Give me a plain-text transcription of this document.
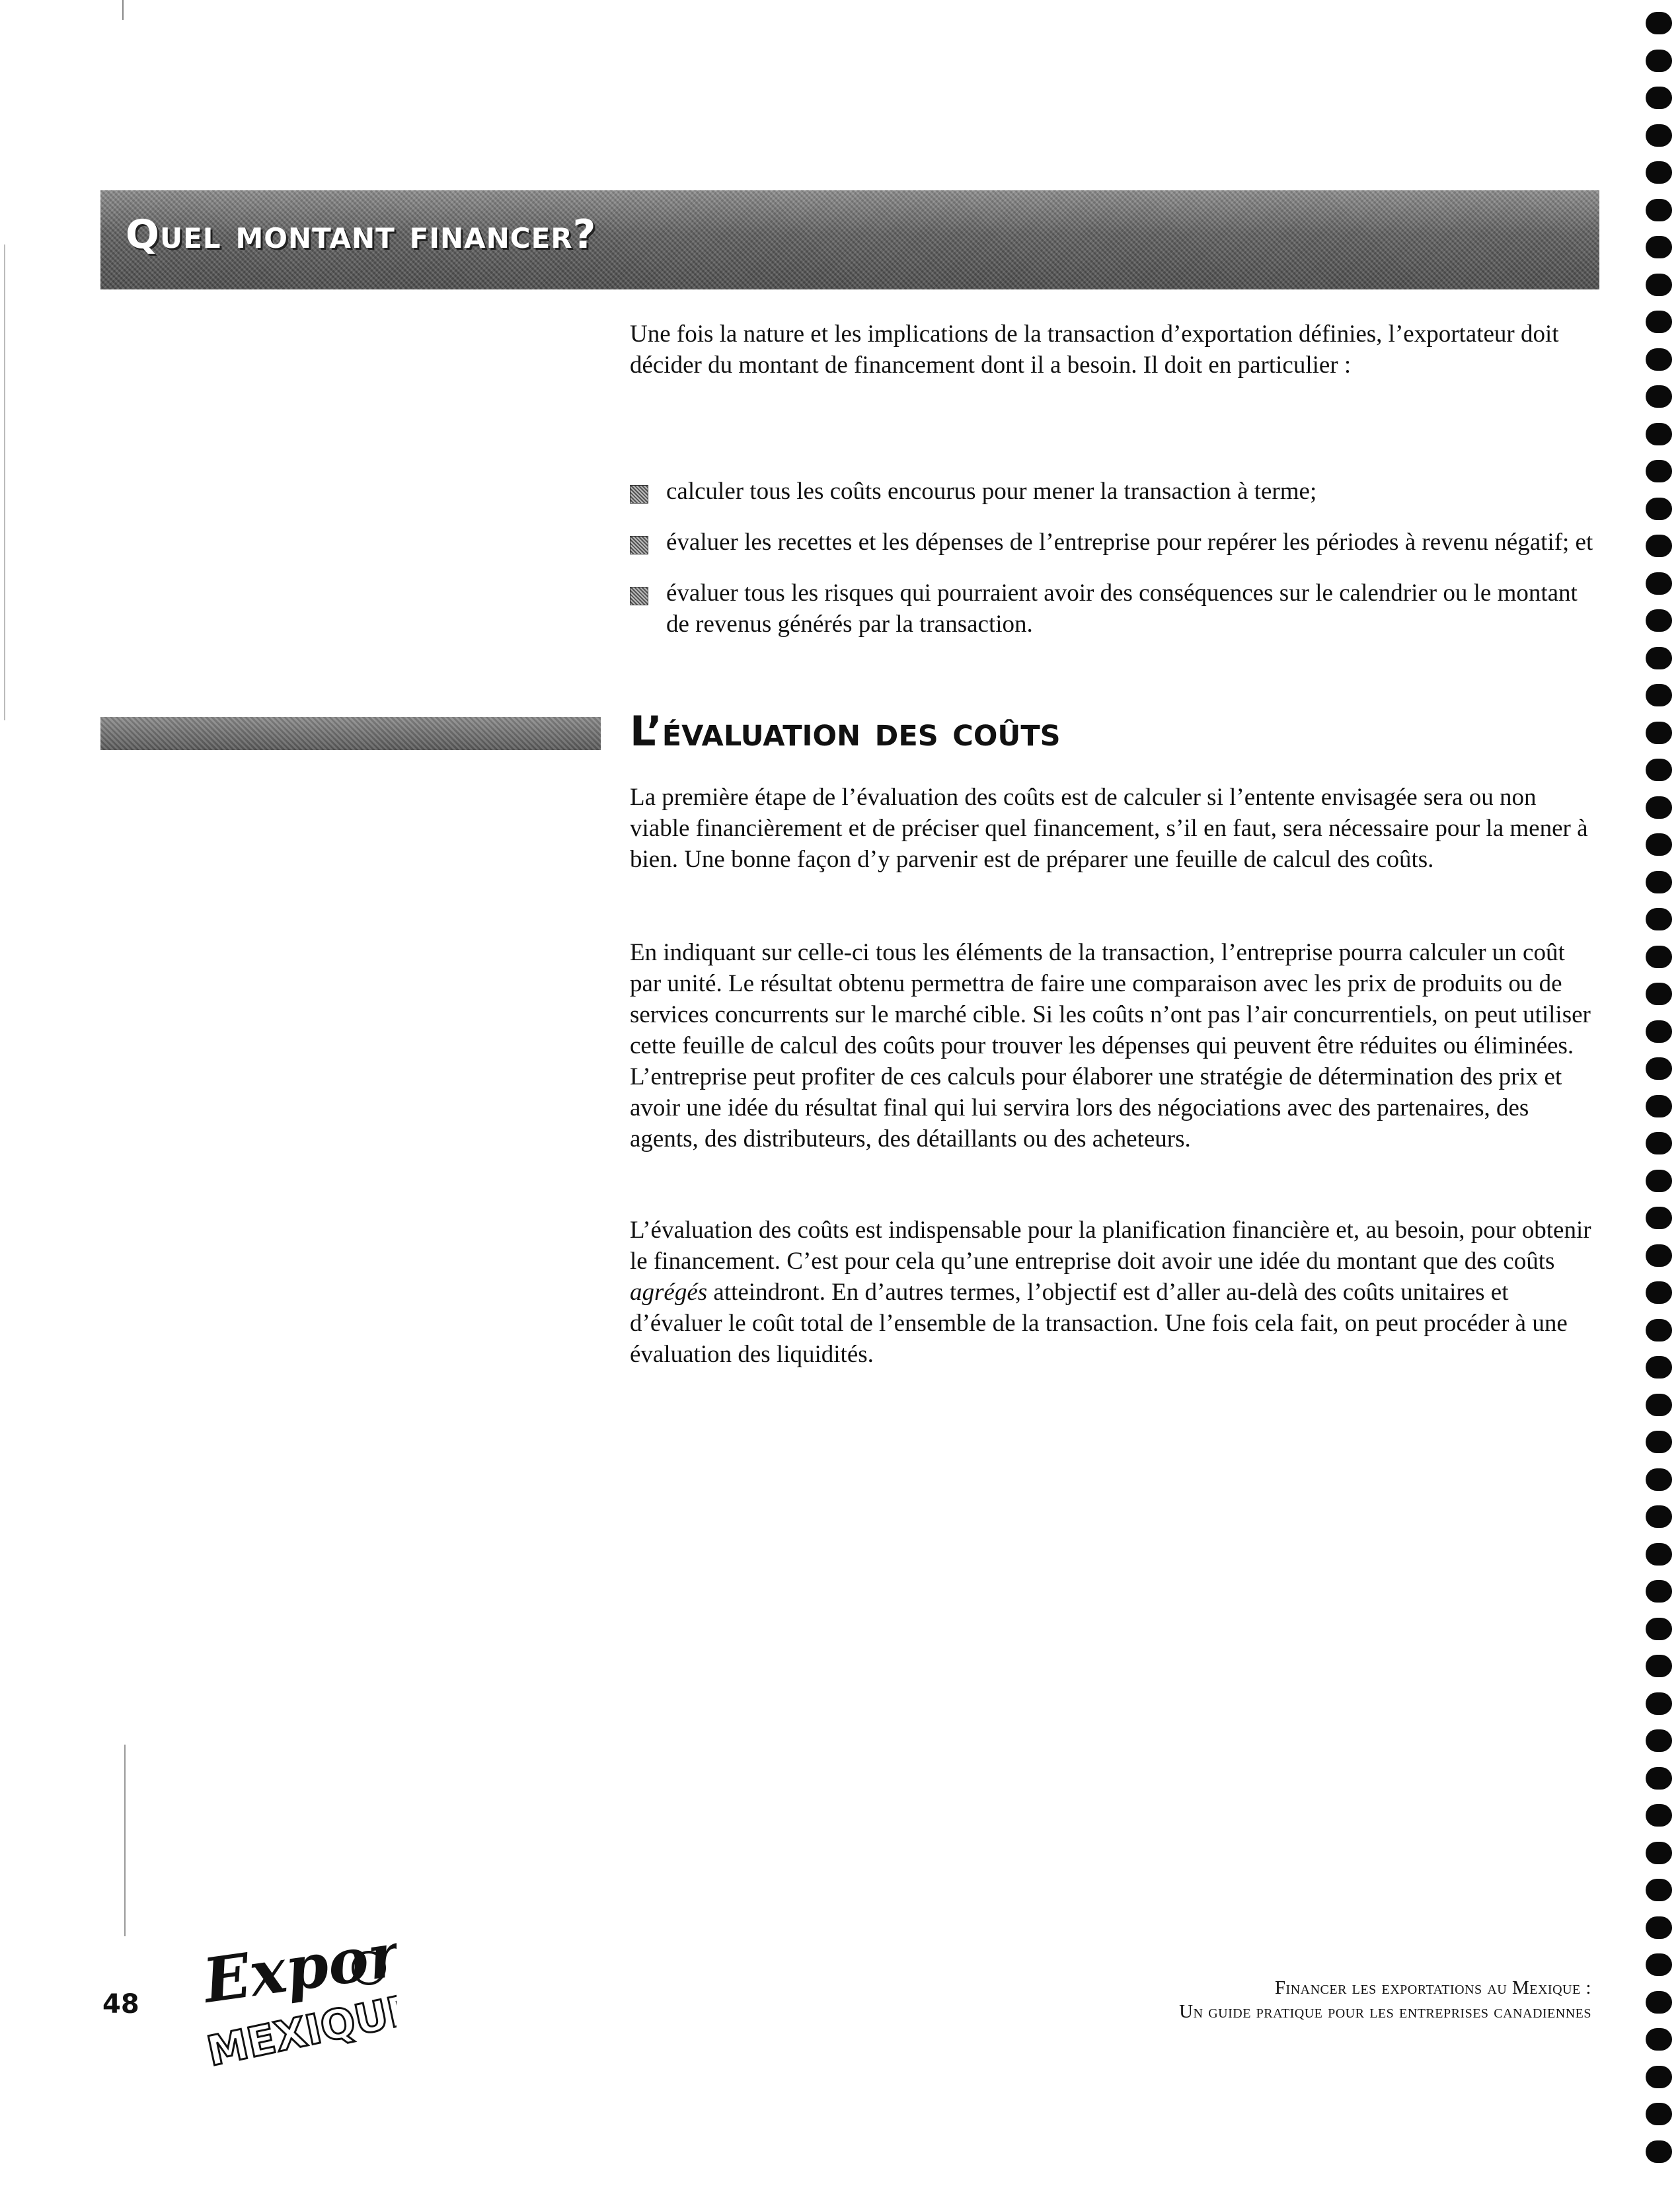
Quel montant financer?

Une fois la nature et les implications de la transaction d’exportation définies, l’exportateur doit décider du montant de financement dont il a besoin. Il doit en particulier :

calculer tous les coûts encourus pour mener la transaction à terme;
évaluer les recettes et les dépenses de l’entreprise pour repérer les périodes à revenu négatif; et
évaluer tous les risques qui pourraient avoir des conséquences sur le calendrier ou le montant de revenus générés par la transaction.
L’évaluation des coûts

La première étape de l’évaluation des coûts est de calculer si l’entente envisagée sera ou non viable financièrement et de préciser quel financement, s’il en faut, sera nécessaire pour la mener à bien. Une bonne façon d’y parvenir est de préparer une feuille de calcul des coûts.

En indiquant sur celle-ci tous les éléments de la transaction, l’entreprise pourra calculer un coût par unité. Le résultat obtenu permettra de faire une comparaison avec les prix de produits ou de services concurrents sur le marché cible. Si les coûts n’ont pas l’air concurrentiels, on peut utiliser cette feuille de calcul des coûts pour trouver les dépenses qui peuvent être réduites ou éliminées. L’entreprise peut profiter de ces calculs pour élaborer une stratégie de détermination des prix et avoir une idée du résultat final qui lui servira lors des négociations avec des partenaires, des agents, des distributeurs, des détaillants ou des acheteurs.

L’évaluation des coûts est indispensable pour la planification financière et, au besoin, pour obtenir le financement. C’est pour cela qu’une entreprise doit avoir une idée du montant que des coûts agrégés atteindront. En d’autres termes, l’objectif est d’aller au-delà des coûts unitaires et d’évaluer le coût total de l’ensemble de la transaction. Une fois cela fait, on peut procéder à une évaluation des liquidités.

48 Export
MEXIQUE	Financer les exportations au Mexique :
Un guide pratique pour les entreprises canadiennes
